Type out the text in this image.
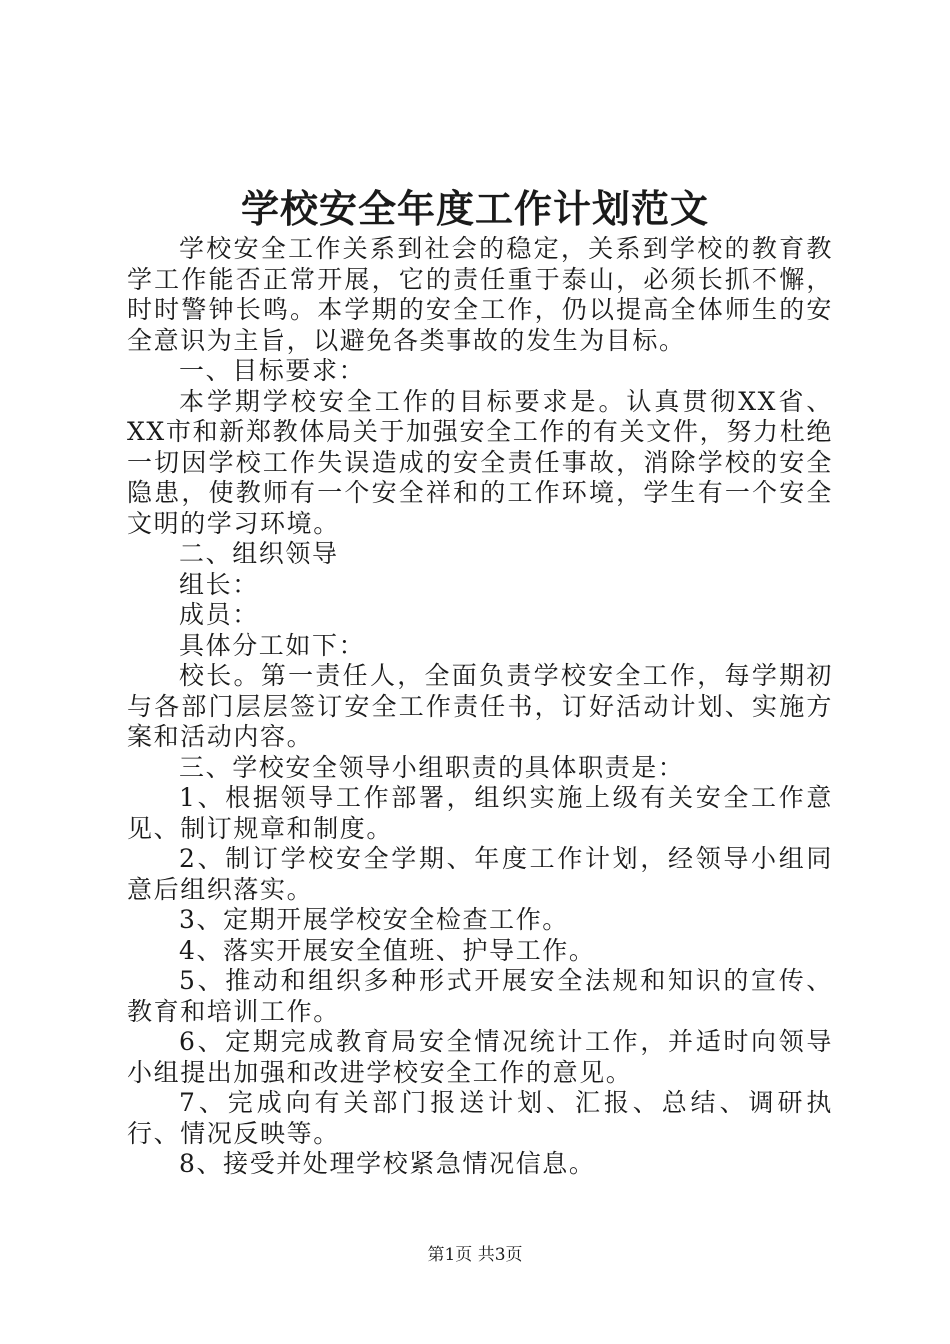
学校安全年度工作计划范文

学校安全工作关系到社会的稳定，关系到学校的教育教学工作能否正常开展，它的责任重于泰山，必须长抓不懈，时时警钟长鸣。本学期的安全工作，仍以提高全体师生的安全意识为主旨，以避免各类事故的发生为目标。

一、目标要求：

本学期学校安全工作的目标要求是。认真贯彻XX省、XX市和新郑教体局关于加强安全工作的有关文件，努力杜绝一切因学校工作失误造成的安全责任事故，消除学校的安全隐患，使教师有一个安全祥和的工作环境，学生有一个安全文明的学习环境。

二、组织领导

组长：

成员：

具体分工如下：

校长。第一责任人，全面负责学校安全工作，每学期初与各部门层层签订安全工作责任书，订好活动计划、实施方案和活动内容。

三、学校安全领导小组职责的具体职责是：

1、根据领导工作部署，组织实施上级有关安全工作意见、制订规章和制度。

2、制订学校安全学期、年度工作计划，经领导小组同意后组织落实。

3、定期开展学校安全检查工作。

4、落实开展安全值班、护导工作。

5、推动和组织多种形式开展安全法规和知识的宣传、教育和培训工作。

6、定期完成教育局安全情况统计工作，并适时向领导小组提出加强和改进学校安全工作的意见。

7、完成向有关部门报送计划、汇报、总结、调研执行、情况反映等。

8、接受并处理学校紧急情况信息。

第1页 共3页
